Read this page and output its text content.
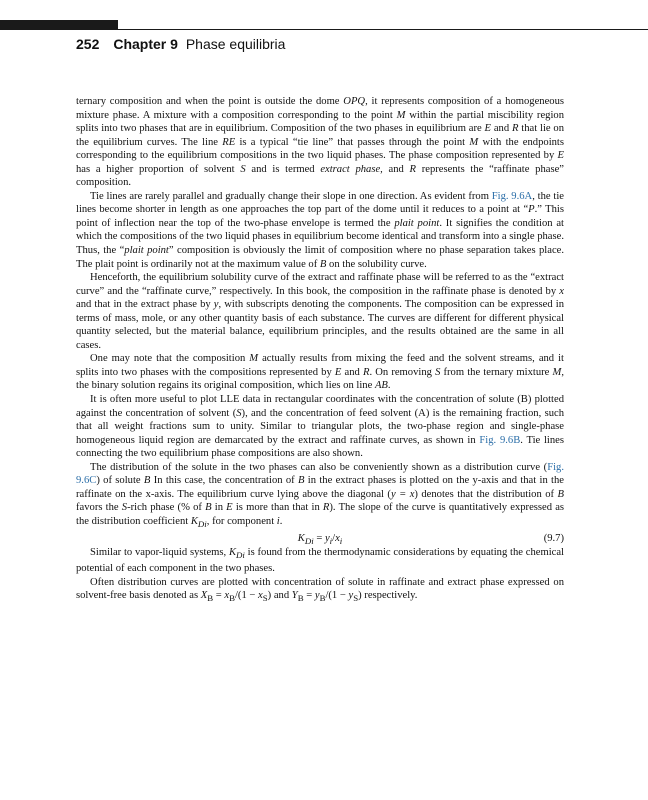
252 Chapter 9 Phase equilibria

ternary composition and when the point is outside the dome OPQ, it represents composition of a homogeneous mixture phase. A mixture with a composition corresponding to the point M within the partial miscibility region splits into two phases that are in equilibrium. Composition of the two phases in equilibrium are E and R that lie on the equilibrium curves. The line RE is a typical “tie line” that passes through the point M with the endpoints corresponding to the equilibrium compositions in the two liquid phases. The phase composition represented by E has a higher proportion of solvent S and is termed extract phase, and R represents the “raffinate phase” composition.

Tie lines are rarely parallel and gradually change their slope in one direction. As evident from Fig. 9.6A, the tie lines become shorter in length as one approaches the top part of the dome until it reduces to a point at “P.” This point of inflection near the top of the two-phase envelope is termed the plait point. It signifies the condition at which the compositions of the two liquid phases in equilibrium become identical and transform into a single phase. Thus, the “plait point” composition is obviously the limit of composition where no phase separation takes place. The plait point is ordinarily not at the maximum value of B on the solubility curve.

Henceforth, the equilibrium solubility curve of the extract and raffinate phase will be referred to as the “extract curve” and the “raffinate curve,” respectively. In this book, the composition in the raffinate phase is denoted by x and that in the extract phase by y, with subscripts denoting the components. The composition can be expressed in terms of mass, mole, or any other quantity basis of each substance. The curves are different for different physical quantity selected, but the material balance, equilibrium principles, and the results obtained are the same in all cases.

One may note that the composition M actually results from mixing the feed and the solvent streams, and it splits into two phases with the compositions represented by E and R. On removing S from the ternary mixture M, the binary solution regains its original composition, which lies on line AB.

It is often more useful to plot LLE data in rectangular coordinates with the concentration of solute (B) plotted against the concentration of solvent (S), and the concentration of feed solvent (A) is the remaining fraction, such that all weight fractions sum to unity. Similar to triangular plots, the two-phase region and single-phase homogeneous liquid region are demarcated by the extract and raffinate curves, as shown in Fig. 9.6B. Tie lines connecting the two equilibrium phase compositions are also shown.

The distribution of the solute in the two phases can also be conveniently shown as a distribution curve (Fig. 9.6C) of solute B In this case, the concentration of B in the extract phases is plotted on the y-axis and that in the raffinate on the x-axis. The equilibrium curve lying above the diagonal (y = x) denotes that the distribution of B favors the S-rich phase (% of B in E is more than that in R). The slope of the curve is quantitatively expressed as the distribution coefficient $K_{Di}$, for component i.

$K_{Di} = y_i/x_i$	(9.7)

Similar to vapor-liquid systems, $K_{Di}$ is found from the thermodynamic considerations by equating the chemical potential of each component in the two phases.

Often distribution curves are plotted with concentration of solute in raffinate and extract phase expressed on solvent-free basis denoted as $X_B = x_B/(1 - x_S)$ and $Y_B = y_B/(1 - y_S)$ respectively.
